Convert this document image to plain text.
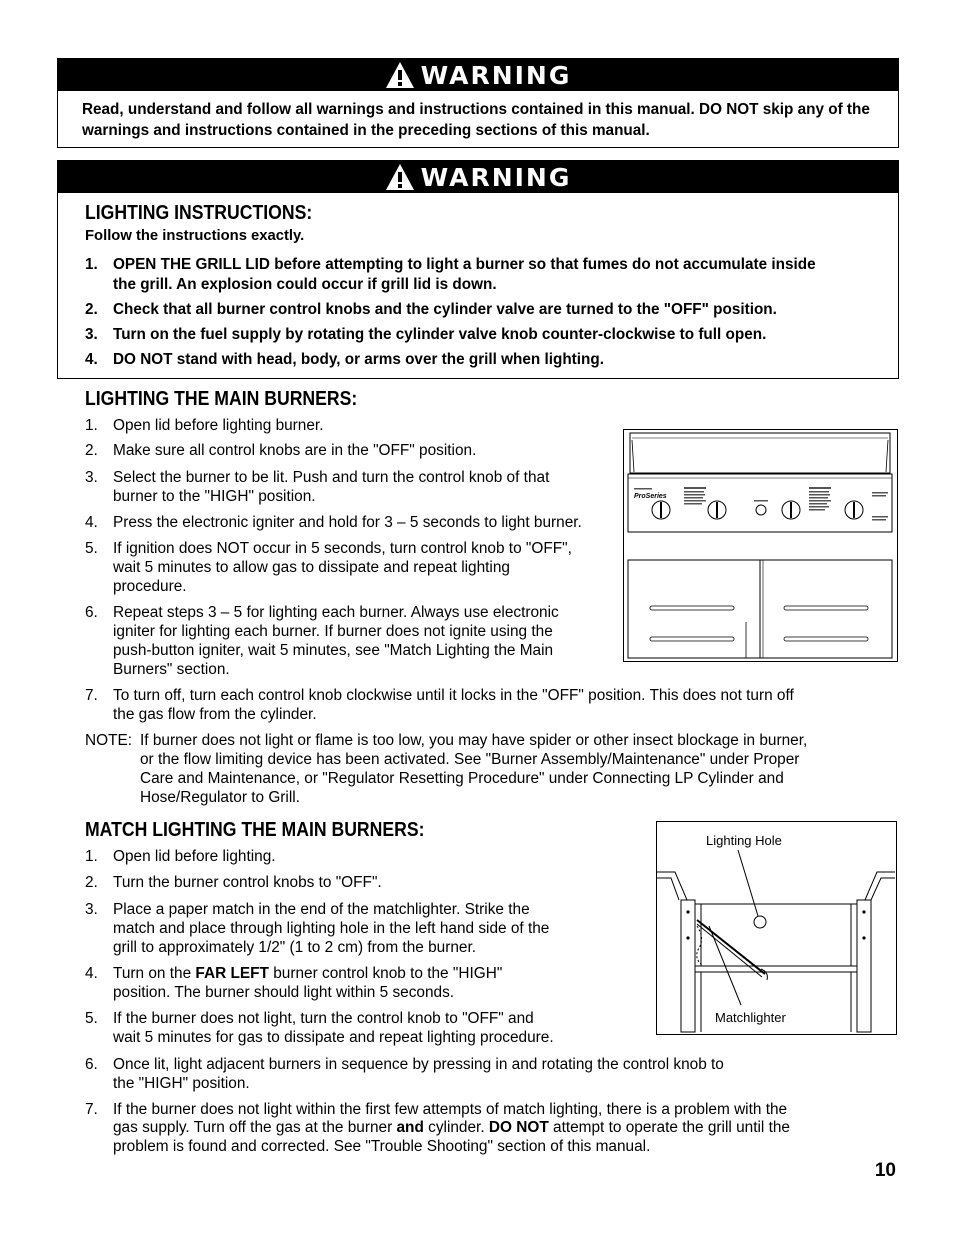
WARNING
Read, understand and follow all warnings and instructions contained in this manual. DO NOT skip any of the warnings and instructions contained in the preceding sections of this manual.
WARNING
LIGHTING INSTRUCTIONS:
Follow the instructions exactly.
1. OPEN THE GRILL LID before attempting to light a burner so that fumes do not accumulate inside
the grill. An explosion could occur if grill lid is down.
2. Check that all burner control knobs and the cylinder valve are turned to the "OFF" position.
3. Turn on the fuel supply by rotating the cylinder valve knob counter-clockwise to full open.
4. DO NOT stand with head, body, or arms over the grill when lighting.
LIGHTING THE MAIN BURNERS:
1. Open lid before lighting burner.
2. Make sure all control knobs are in the "OFF" position.
3. Select the burner to be lit. Push and turn the control knob of that
burner to the "HIGH" position.
4. Press the electronic igniter and hold for 3 – 5 seconds to light burner.
5. If ignition does NOT occur in 5 seconds, turn control knob to "OFF",
wait 5 minutes to allow gas to dissipate and repeat lighting
procedure.
6. Repeat steps 3 – 5 for lighting each burner. Always use electronic
igniter for lighting each burner. If burner does not ignite using the
push-button igniter, wait 5 minutes, see "Match Lighting the Main
Burners" section.
7. To turn off, turn each control knob clockwise until it locks in the "OFF" position. This does not turn off
the gas flow from the cylinder.
NOTE: If burner does not light or flame is too low, you may have spider or other insect blockage in burner,
or the flow limiting device has been activated. See "Burner Assembly/Maintenance" under Proper
Care and Maintenance, or "Regulator Resetting Procedure" under Connecting LP Cylinder and
Hose/Regulator to Grill.
ProSeries
MATCH LIGHTING THE MAIN BURNERS:
1. Open lid before lighting.
2. Turn the burner control knobs to "OFF".
3. Place a paper match in the end of the matchlighter. Strike the
match and place through lighting hole in the left hand side of the
grill to approximately 1/2" (1 to 2 cm) from the burner.
4. Turn on the FAR LEFT burner control knob to the "HIGH"
position. The burner should light within 5 seconds.
5. If the burner does not light, turn the control knob to "OFF" and
wait 5 minutes for gas to dissipate and repeat lighting procedure.
6. Once lit, light adjacent burners in sequence by pressing in and rotating the control knob to
the "HIGH" position.
7. If the burner does not light within the first few attempts of match lighting, there is a problem with the
gas supply. Turn off the gas at the burner and cylinder. DO NOT attempt to operate the grill until the
problem is found and corrected. See "Trouble Shooting" section of this manual.
Lighting Hole
Matchlighter
10
